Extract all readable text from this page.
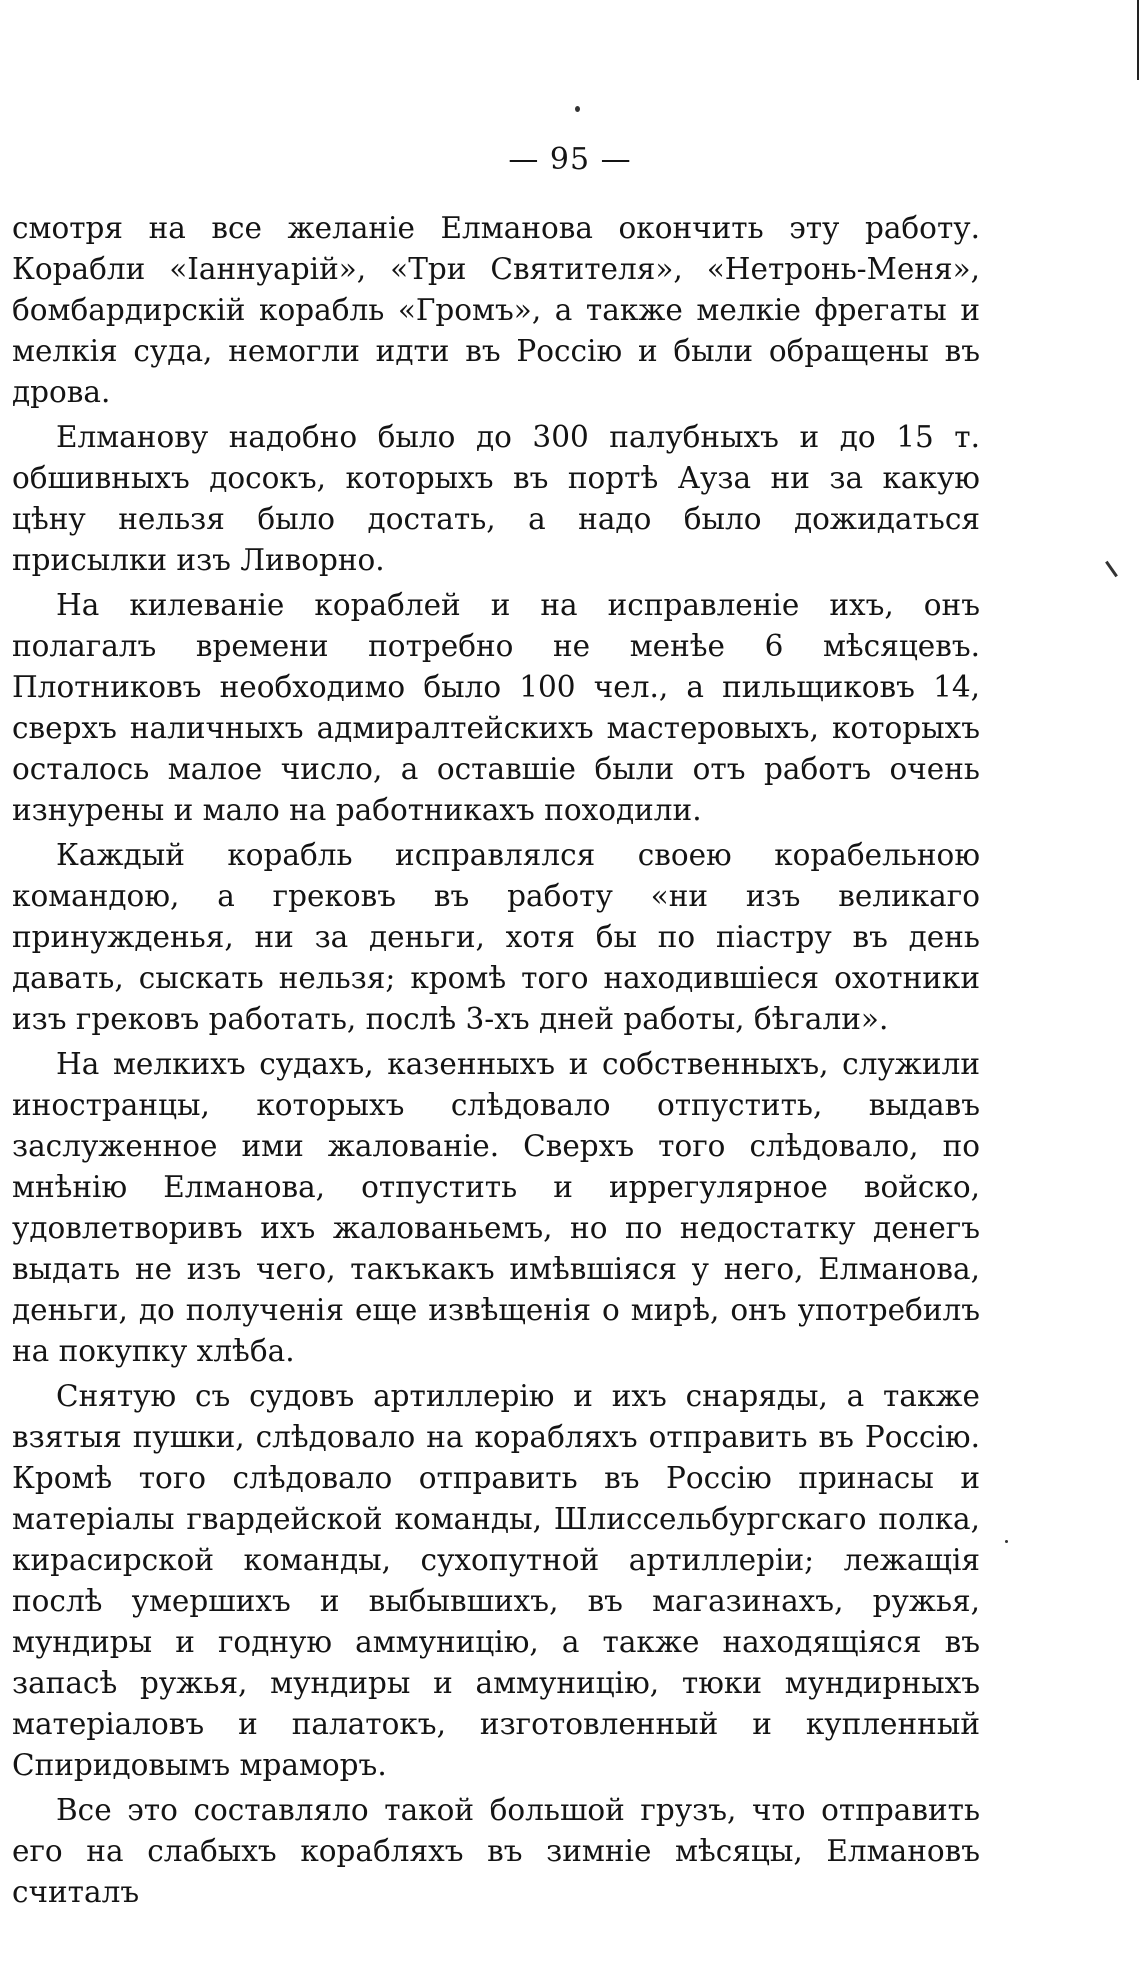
— 95 —

смотря на все желаніе Елманова окончить эту работу. Корабли «Іаннуарій», «Три Святителя», «Нетронь-Меня», бомбардирскій корабль «Громъ», а также мелкіе фрегаты и мелкія суда, немогли идти въ Россію и были обращены въ дрова.

Елманову надобно было до 300 палубныхъ и до 15 т. обшивныхъ досокъ, которыхъ въ портѣ Ауза ни за какую цѣну нельзя было достать, а надо было дожидаться присылки изъ Ливорно.

На килеваніе кораблей и на исправленіе ихъ, онъ полагалъ времени потребно не менѣе 6 мѣсяцевъ. Плотниковъ необходимо было 100 чел., а пильщиковъ 14, сверхъ наличныхъ адмиралтейскихъ мастеровыхъ, которыхъ осталось малое число, а оставшіе были отъ работъ очень изнурены и мало на работникахъ походили.

Каждый корабль исправлялся своею корабельною командою, а грековъ въ работу «ни изъ великаго принужденья, ни за деньги, хотя бы по піастру въ день давать, сыскать нельзя; кромѣ того находившіеся охотники изъ грековъ работать, послѣ 3-хъ дней работы, бѣгали».

На мелкихъ судахъ, казенныхъ и собственныхъ, служили иностранцы, которыхъ слѣдовало отпустить, выдавъ заслуженное ими жалованіе. Сверхъ того слѣдовало, по мнѣнію Елманова, отпустить и иррегулярное войско, удовлетворивъ ихъ жалованьемъ, но по недостатку денегъ выдать не изъ чего, такъкакъ имѣвшіяся у него, Елманова, деньги, до полученія еще извѣщенія о мирѣ, онъ употребилъ на покупку хлѣба.

Снятую съ судовъ артиллерію и ихъ снаряды, а также взятыя пушки, слѣдовало на корабляхъ отправить въ Россію. Кромѣ того слѣдовало отправить въ Россію принасы и матеріалы гвардейской команды, Шлиссельбургскаго полка, кирасирской команды, сухопутной артиллеріи; лежащія послѣ умершихъ и выбывшихъ, въ магазинахъ, ружья, мундиры и годную аммуницію, а также находящіяся въ запасѣ ружья, мундиры и аммуницію, тюки мундирныхъ матеріаловъ и палатокъ, изготовленный и купленный Спиридовымъ мраморъ.

Все это составляло такой большой грузъ, что отправить его на слабыхъ корабляхъ въ зимніе мѣсяцы, Елмановъ считалъ
